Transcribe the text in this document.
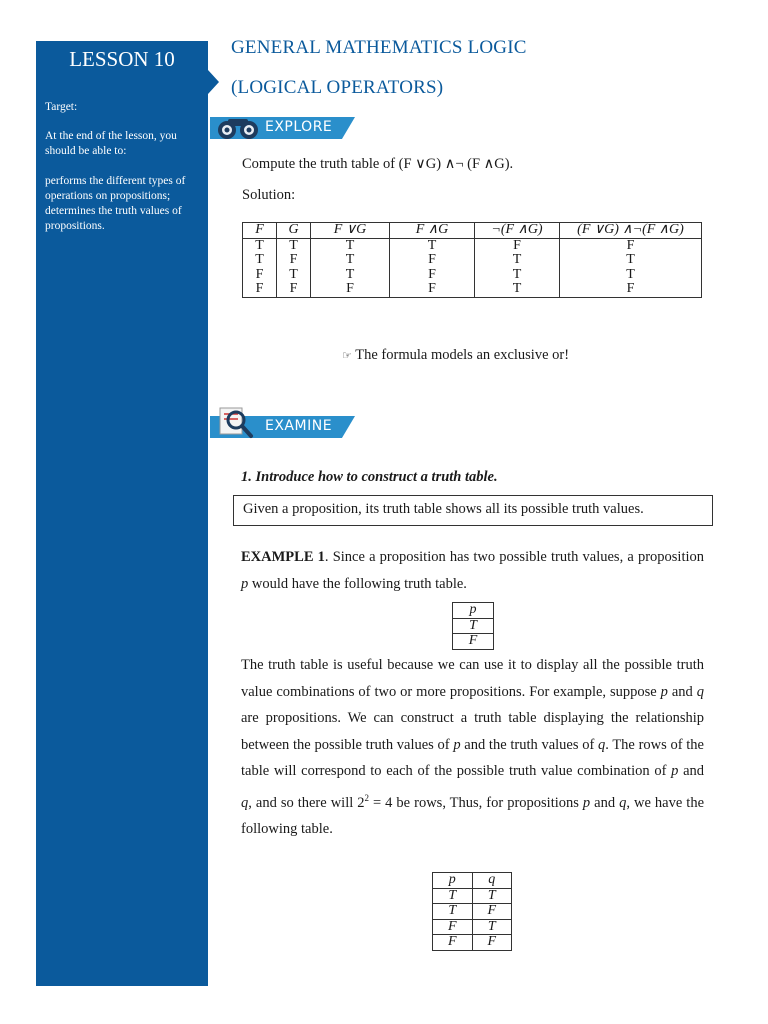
LESSON 10
Target:
At the end of the lesson, you should be able to:
performs the different types of operations on propositions; determines the truth values of propositions.
GENERAL MATHEMATICS LOGIC
(LOGICAL OPERATORS)
EXPLORE
Compute the truth table of (F ∨G) ∧¬ (F ∧G).
Solution:
F	G	F ∨G	F ∧G	¬(F ∧G)	(F ∨G) ∧¬(F ∧G)
T	T	T	T	F	F
T	F	T	F	T	T
F	T	T	F	T	T
F	F	F	F	T	F
☞ The formula models an exclusive or!
EXAMINE
1. Introduce how to construct a truth table.
Given a proposition, its truth table shows all its possible truth values.
EXAMPLE 1. Since a proposition has two possible truth values, a proposition p would have the following truth table.
p
T
F
The truth table is useful because we can use it to display all the possible truth value combinations of two or more propositions. For example, suppose p and q are propositions. We can construct a truth table displaying the relationship between the possible truth values of p and the truth values of q. The rows of the table will correspond to each of the possible truth value combination of p and q, and so there will $2^2 = 4$ be rows, Thus, for propositions p and q, we have the following table.
p	q
T	T
T	F
F	T
F	F
